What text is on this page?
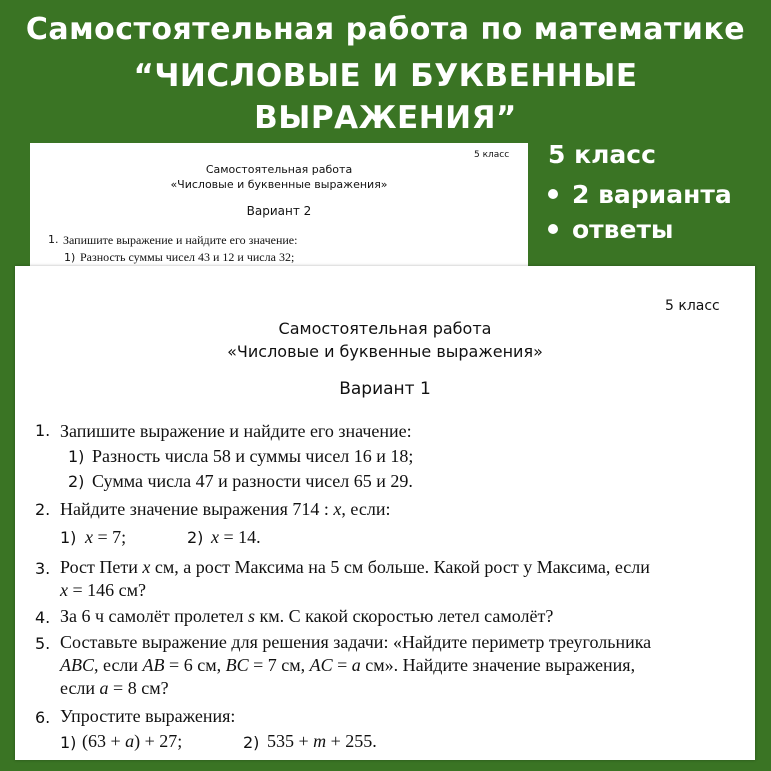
Самостоятельная работа по математике
“ЧИСЛОВЫЕ И БУКВЕННЫЕ
ВЫРАЖЕНИЯ”
5 класс
2 варианта
ответы
5 класс
Самостоятельная работа
«Числовые и буквенные выражения»
Вариант 2
1. Запишите выражение и найдите его значение:
1) Разность суммы чисел 43 и 12 и числа 32;
5 класс
Самостоятельная работа
«Числовые и буквенные выражения»
Вариант 1
1. Запишите выражение и найдите его значение:
1) Разность числа 58 и суммы чисел 16 и 18;
2) Сумма числа 47 и разности чисел 65 и 29.
2. Найдите значение выражения 714 : x, если:
1) x = 7;	2) x = 14.
3. Рост Пети x см, а рост Максима на 5 см больше. Какой рост у Максима, если
x = 146 см?
4. За 6 ч самолёт пролетел s км. С какой скоростью летел самолёт?
5. Составьте выражение для решения задачи: «Найдите периметр треугольника
ABC, если AB = 6 см, BC = 7 см, AC = a см». Найдите значение выражения,
если a = 8 см?
6. Упростите выражения:
1) (63 + a) + 27;	2) 535 + m + 255.
